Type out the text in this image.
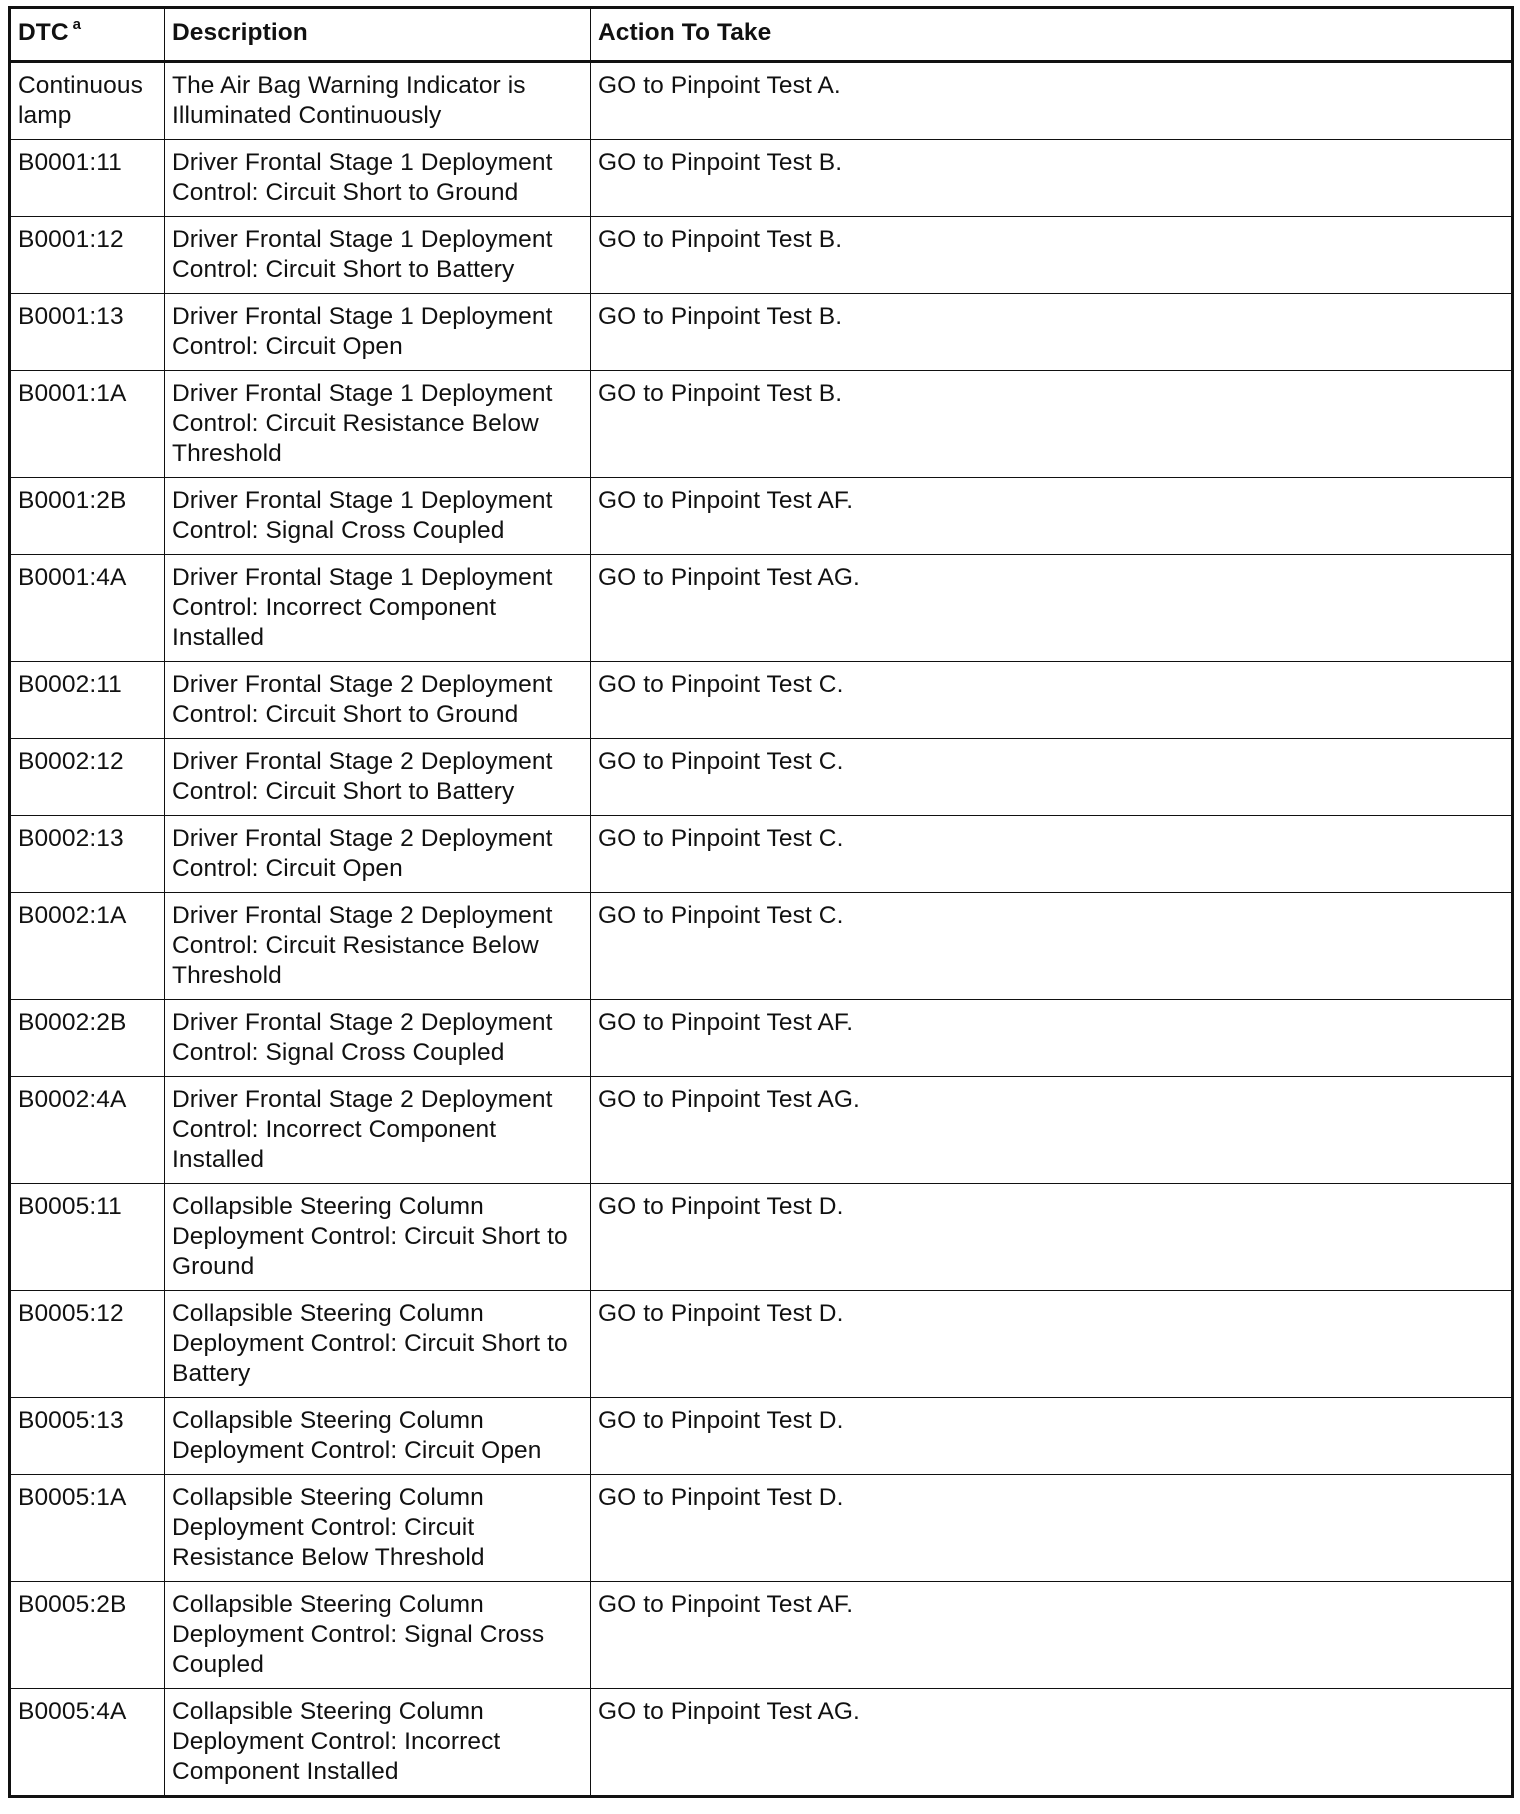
DTC $^a$	Description	Action To Take
Continuous lamp	The Air Bag Warning Indicator is Illuminated Continuously	GO to Pinpoint Test A.
B0001:11	Driver Frontal Stage 1 Deployment Control: Circuit Short to Ground	GO to Pinpoint Test B.
B0001:12	Driver Frontal Stage 1 Deployment Control: Circuit Short to Battery	GO to Pinpoint Test B.
B0001:13	Driver Frontal Stage 1 Deployment Control: Circuit Open	GO to Pinpoint Test B.
B0001:1A	Driver Frontal Stage 1 Deployment Control: Circuit Resistance Below Threshold	GO to Pinpoint Test B.
B0001:2B	Driver Frontal Stage 1 Deployment Control: Signal Cross Coupled	GO to Pinpoint Test AF.
B0001:4A	Driver Frontal Stage 1 Deployment Control: Incorrect Component Installed	GO to Pinpoint Test AG.
B0002:11	Driver Frontal Stage 2 Deployment Control: Circuit Short to Ground	GO to Pinpoint Test C.
B0002:12	Driver Frontal Stage 2 Deployment Control: Circuit Short to Battery	GO to Pinpoint Test C.
B0002:13	Driver Frontal Stage 2 Deployment Control: Circuit Open	GO to Pinpoint Test C.
B0002:1A	Driver Frontal Stage 2 Deployment Control: Circuit Resistance Below Threshold	GO to Pinpoint Test C.
B0002:2B	Driver Frontal Stage 2 Deployment Control: Signal Cross Coupled	GO to Pinpoint Test AF.
B0002:4A	Driver Frontal Stage 2 Deployment Control: Incorrect Component Installed	GO to Pinpoint Test AG.
B0005:11	Collapsible Steering Column Deployment Control: Circuit Short to Ground	GO to Pinpoint Test D.
B0005:12	Collapsible Steering Column Deployment Control: Circuit Short to Battery	GO to Pinpoint Test D.
B0005:13	Collapsible Steering Column Deployment Control: Circuit Open	GO to Pinpoint Test D.
B0005:1A	Collapsible Steering Column Deployment Control: Circuit Resistance Below Threshold	GO to Pinpoint Test D.
B0005:2B	Collapsible Steering Column Deployment Control: Signal Cross Coupled	GO to Pinpoint Test AF.
B0005:4A	Collapsible Steering Column Deployment Control: Incorrect Component Installed	GO to Pinpoint Test AG.
